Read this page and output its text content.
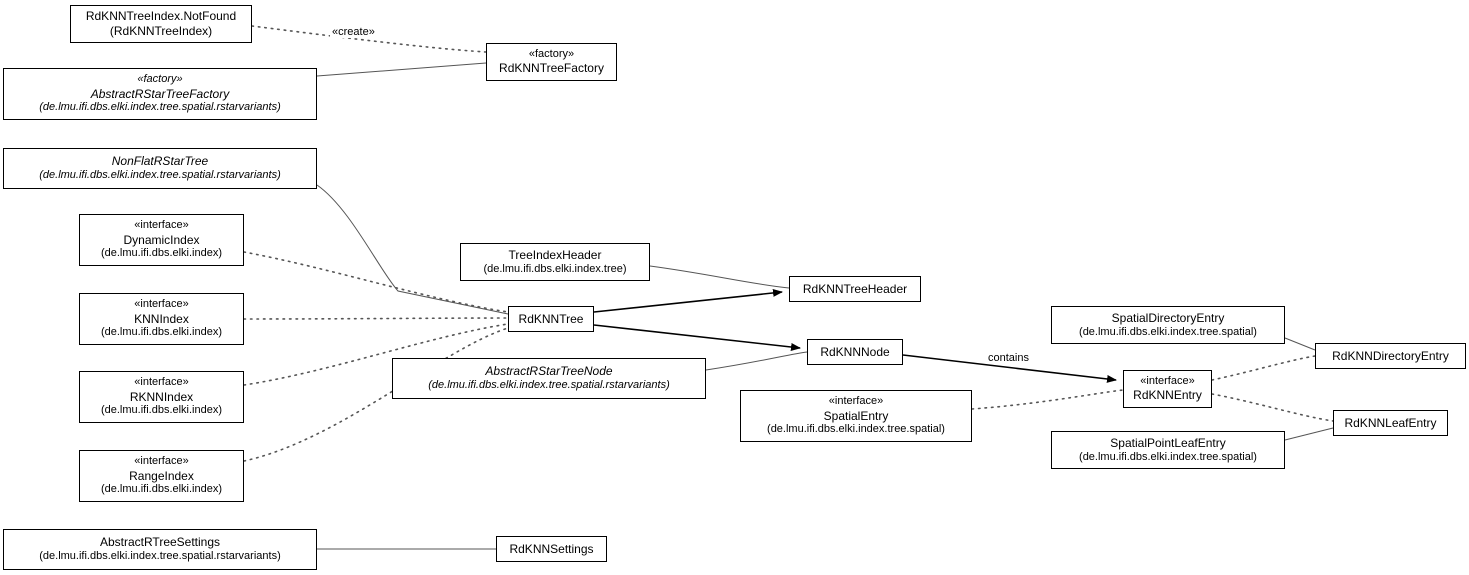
RdKNNTreeIndex.NotFound
(RdKNNTreeIndex)
«factory»
RdKNNTreeFactory
«factory»
AbstractRStarTreeFactory
(de.lmu.ifi.dbs.elki.index.tree.spatial.rstarvariants)
NonFlatRStarTree
(de.lmu.ifi.dbs.elki.index.tree.spatial.rstarvariants)
«interface»
DynamicIndex
(de.lmu.ifi.dbs.elki.index)
«interface»
KNNIndex
(de.lmu.ifi.dbs.elki.index)
«interface»
RKNNIndex
(de.lmu.ifi.dbs.elki.index)
«interface»
RangeIndex
(de.lmu.ifi.dbs.elki.index)
TreeIndexHeader
(de.lmu.ifi.dbs.elki.index.tree)
RdKNNTree
AbstractRStarTreeNode
(de.lmu.ifi.dbs.elki.index.tree.spatial.rstarvariants)
«interface»
SpatialEntry
(de.lmu.ifi.dbs.elki.index.tree.spatial)
RdKNNTreeHeader
RdKNNNode
SpatialDirectoryEntry
(de.lmu.ifi.dbs.elki.index.tree.spatial)
«interface»
RdKNNEntry
RdKNNDirectoryEntry
RdKNNLeafEntry
SpatialPointLeafEntry
(de.lmu.ifi.dbs.elki.index.tree.spatial)
AbstractRTreeSettings
(de.lmu.ifi.dbs.elki.index.tree.spatial.rstarvariants)
RdKNNSettings
«create»
contains
